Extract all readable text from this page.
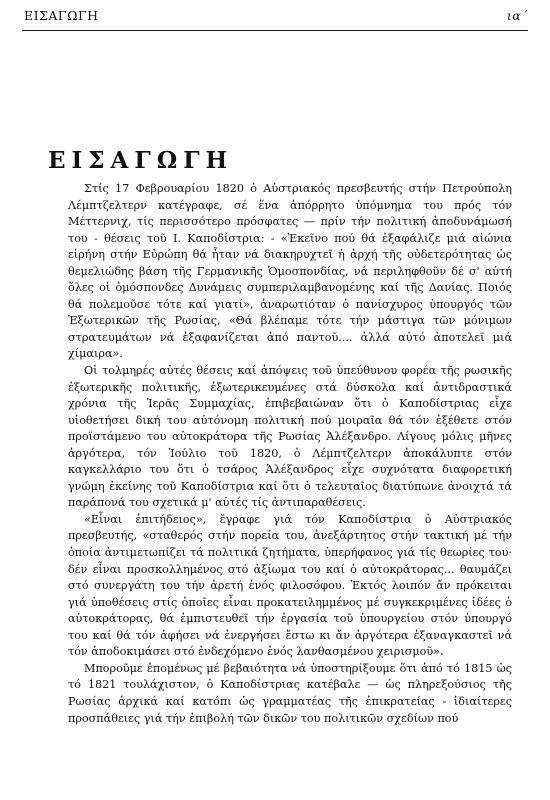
ΕΙΣΑΓΩΓΗ	ια΄
ΕΙΣΑΓΩΓΗ

Στίς 17 Φεβρουαρίου 1820 ὁ Αὐστριακός πρεσβευτής στήν Πετρούπολη Λέμπτζελτερν κατέγραφε, σέ ἕνα ἀπόρρητο ὑπόμνημα του πρός τόν Μέττερνιχ, τίς περισσότερο πρόσφατες — πρίν τήν πολιτική ἀποδυνάμωσή του - θέσεις τοῦ Ι. Καποδίστρια: - «Ἐκεῖνο πού θά ἐξαφάλιζε μιά αἰώνια εἰρήνη στήν Εὐρώπη θά ἦταν νά διακηρυχτεῖ ἡ ἀρχή τῆς οὐδετερότητας ὡς θεμελιώδης βάση τῆς Γερμανικῆς Ὁμοσπονδίας, νά περιληφθοῦν δέ σ' αὐτή ὅλες οἱ ὁμόσπονδες Δυνάμεις συμπεριλαμβανομένης καί τῆς Δανίας. Ποιός θά πολεμοῦσε τότε καί γιατί», ἀναρωτιόταν ὁ πανίσχυρος ὑπουργός τῶν Ἐξωτερικῶν τῆς Ρωσίας, «Θά βλέπαμε τότε τήν μάστιγα τῶν μόνιμων στρατευμάτων νά ἐξαφανίζεται ἀπό παντοῦ.... ἀλλά αὐτό ἀποτελεῖ μιά χίμαιρα».

Οἱ τολμηρές αὐτές θέσεις καί ἀπόψεις τοῦ ὑπεύθυνου φορέα τῆς ρωσικῆς ἐξωτερικῆς πολιτικῆς, ἐξωτερικευμένες στά δύσκολα καί ἀντιδραστικά χρόνια τῆς Ἱερᾶς Συμμαχίας, ἐπιβεβαιώναν ὅτι ὁ Καποδίστριας εἶχε υἱοθετήσει δική του αὐτόνομη πολιτική πού μοιραῖα θά τόν ἐξέθετε στόν προϊστάμενο του αὐτοκράτορα τῆς Ρωσίας Ἀλέξανδρο. Λίγους μόλις μῆνες ἀργότερα, τόν Ἰούλιο τοῦ 1820, ὁ Λέμπτζελτερν ἀποκάλυπτε στόν καγκελλάριο του ὅτι ὁ τσάρος Ἀλέξανδρος εἶχε συχνότατα διαφορετική γνώμη ἐκείνης τοῦ Καποδίστρια καί ὅτι ὁ τελευταῖος διατύπωνε ἀνοιχτά τά παράπονά του σχετικά μ' αὐτές τίς ἀντιπαραθέσεις.

«Εἶναι ἐπιτήδειος», ἔγραφε γιά τόν Καποδίστρια ὁ Αὐστριακός πρεσβευτής, «σταθερός στήν πορεία του, ἀνεξάρτητος στήν τακτική μέ τήν ὁποία ἀντιμετωπίζει τά πολιτικά ζητήματα, ὑπερήφανος γιά τίς θεωρίες του· δέν εἶναι προσκολλημένος στό ἀξίωμα του καί ὁ αὐτοκράτορας... θαυμάζει στό συνεργάτη του τήν ἀρετή ἑνός φιλοσόφου. Ἐκτός λοιπόν ἄν πρόκειται γιά ὑποθέσεις στίς ὁποῖες εἶναι προκατειλημμένος μέ συγκεκριμένες ἰδέες ὁ αὐτοκράτορας, θά ἐμπιστευθεῖ τήν ἐργασία τοῦ ὑπουργείου στόν ὑπουργό του καί θά τόν ἀφήσει νά ἐνεργήσει ἔστω κι ἄν ἀργότερα ἐξαναγκαστεῖ νά τόν ἀποδοκιμάσει στό ἐνδεχόμενο ἑνός λανθασμένου χειρισμοῦ».

Μποροῦμε ἐπομένως μέ βεβαιότητα νά ὑποστηρίξουμε ὅτι ἀπό τό 1815 ὡς τό 1821 τουλάχιστον, ὁ Καποδίστριας κατέβαλε — ὡς πληρεξούσιος τῆς Ρωσίας ἀρχικά καί κατόπι ὡς γραμματέας τῆς ἐπικρατείας - ἰδιαίτερες προσπάθειες γιά τήν ἐπιβολή τῶν δικῶν του πολιτικῶν σχεδίων πού
